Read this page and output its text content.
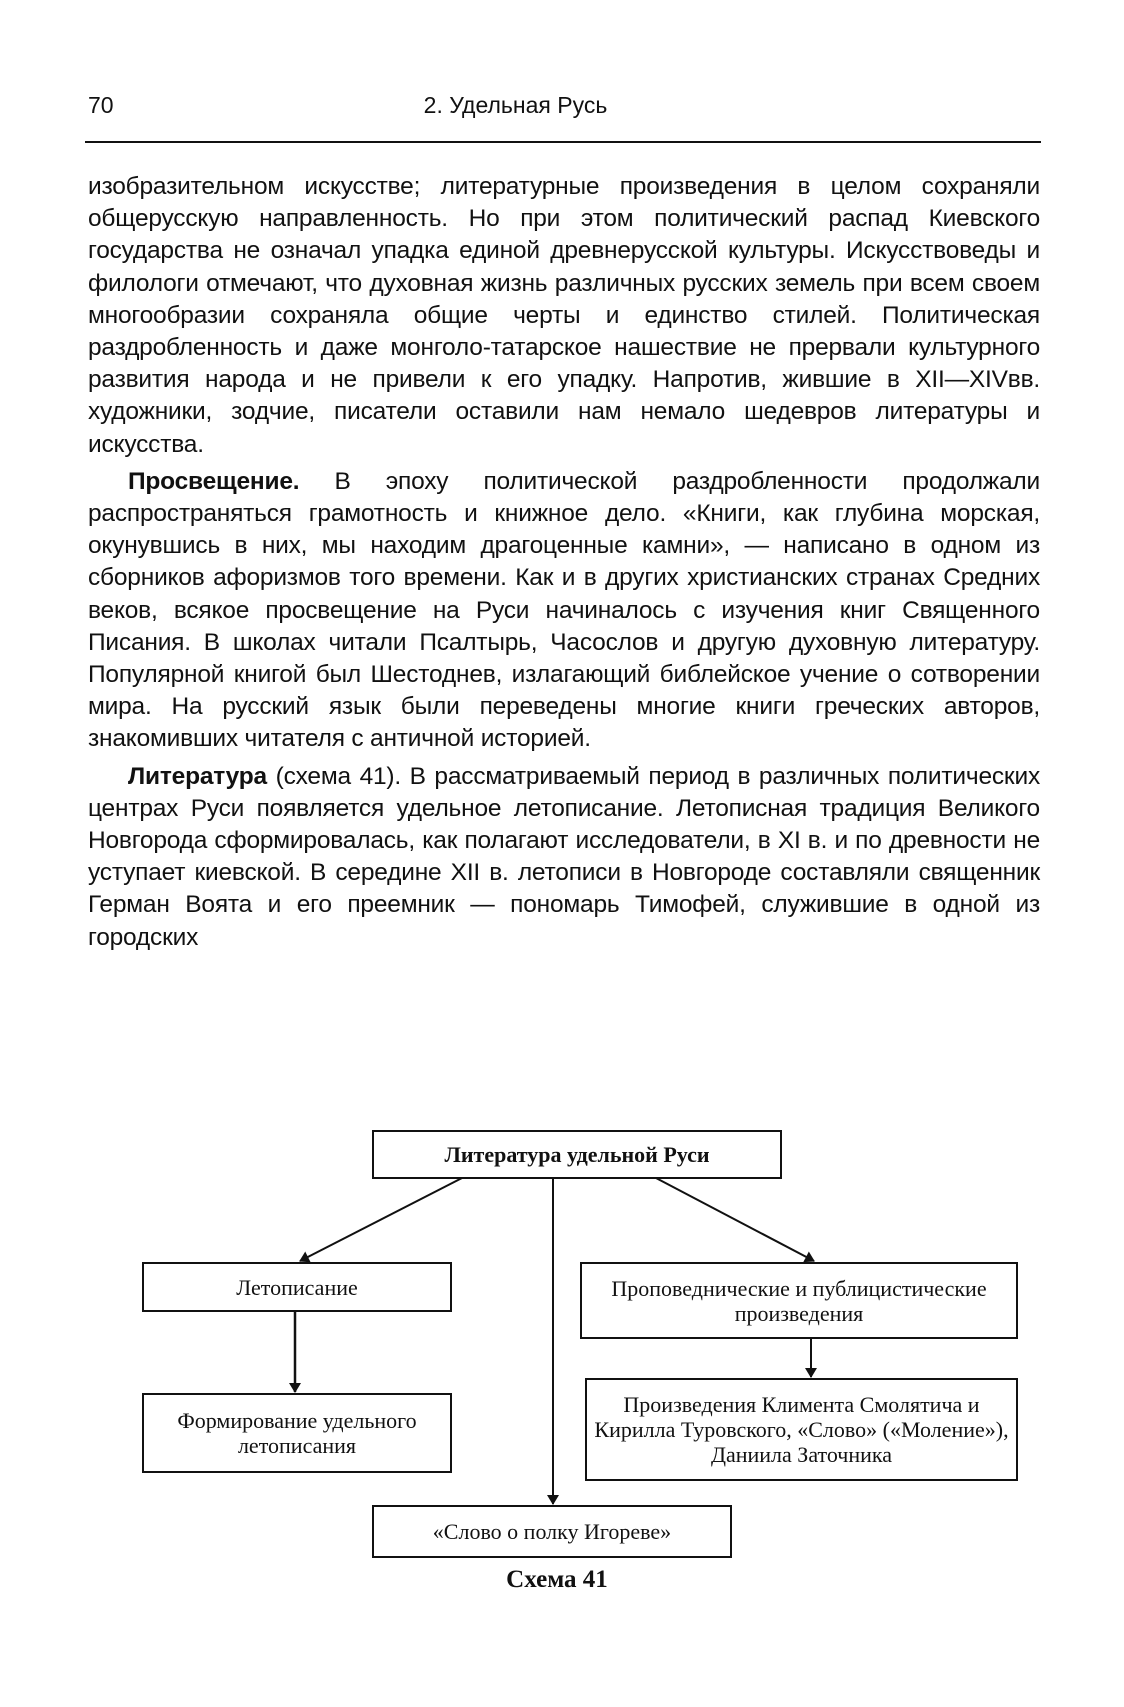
70	2. Удельная Русь

изобразительном искусстве; литературные произведения в целом сохраняли общерусскую направленность. Но при этом политический распад Киевского государства не означал упадка единой древнерусской культуры. Искусствоведы и филологи отмечают, что духовная жизнь различных русских земель при всем своем многообразии сохраняла общие черты и единство стилей. Политическая раздробленность и даже монголо-татарское нашествие не прервали культурного развития народа и не привели к его упадку. Напротив, жившие в XII—XIVвв. художники, зодчие, писатели оставили нам немало шедевров литературы и искусства.

Просвещение. В эпоху политической раздробленности продолжали распространяться грамотность и книжное дело. «Книги, как глубина морская, окунувшись в них, мы находим драгоценные камни», — написано в одном из сборников афоризмов того времени. Как и в других христианских странах Средних веков, всякое просвещение на Руси начиналось с изучения книг Священного Писания. В школах читали Псалтырь, Часослов и другую духовную литературу. Популярной книгой был Шестоднев, излагающий библейское учение о сотворении мира. На русский язык были переведены многие книги греческих авторов, знакомивших читателя с античной историей.

Литература (схема 41). В рассматриваемый период в различных политических центрах Руси появляется удельное летописание. Летописная традиция Великого Новгорода сформировалась, как полагают исследователи, в XI в. и по древности не уступает киевской. В середине XII в. летописи в Новгороде составляли священник Герман Воята и его преемник — пономарь Тимофей, служившие в одной из городских

Литература удельной Руси
Летописание	Проповеднические и публицистические произведения
Формирование удельного летописания
Произведения Климента Смолятича и Кирилла Туровского, «Слово» («Моление»), Даниила Заточника
«Слово о полку Игореве»
Схема 41
